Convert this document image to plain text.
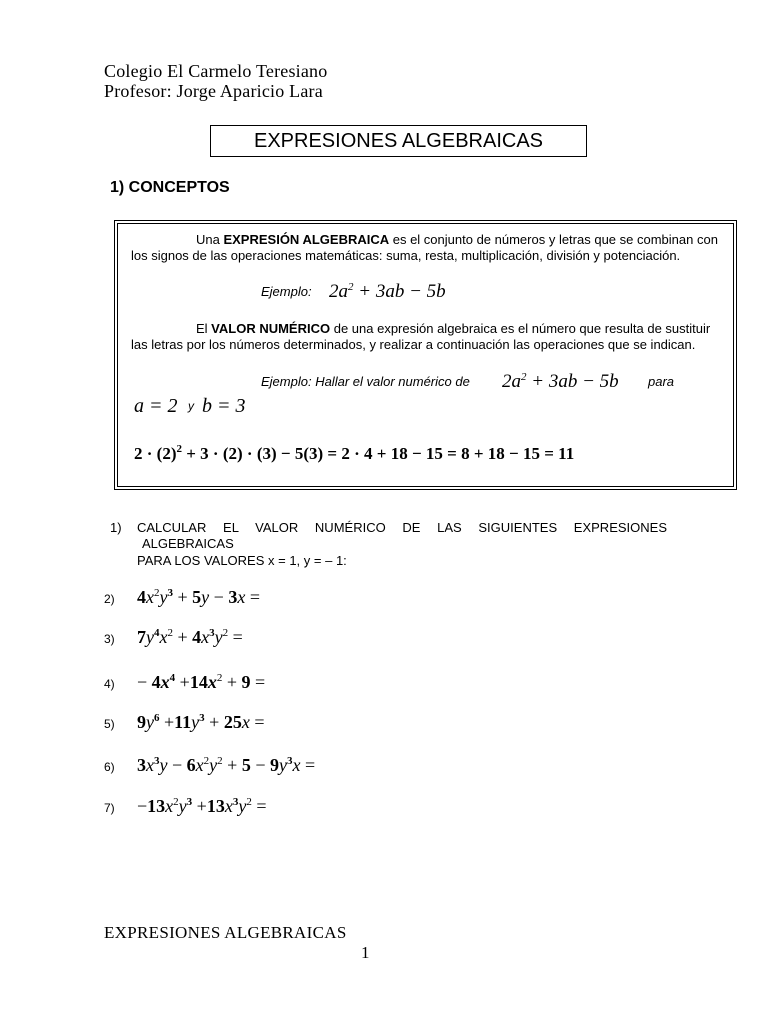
Colegio El Carmelo Teresiano
Profesor: Jorge Aparicio Lara
EXPRESIONES ALGEBRAICAS
1) CONCEPTOS
Una EXPRESIÓN ALGEBRAICA es el conjunto de números y letras que se combinan con los signos de las operaciones matemáticas: suma, resta, multiplicación, división y potenciación.
Ejemplo: $2a^2 + 3ab - 5b$
El VALOR NUMÉRICO de una expresión algebraica es el número que resulta de sustituir las letras por los números determinados, y realizar a continuación las operaciones que se indican.
Ejemplo: Hallar el valor numérico de $2a^2 + 3ab - 5b$ para
a = 2 y b = 3
$2 \cdot (2)^2 + 3 \cdot (2) \cdot (3) - 5(3) = 2 \cdot 4 + 18 - 15 = 8 + 18 - 15 = 11$
1) CALCULAR EL VALOR NUMÉRICO DE LAS SIGUIENTES EXPRESIONES
ALGEBRAICAS
PARA LOS VALORES x = 1, y = – 1:
2) $4x^2y^3 + 5y - 3x$ =
3) $7y^4x^2 + 4x^3y^2$ =
$4) - 4x^4 +14x^2 + 9$ =
5) $9y^6 +11y^3 + 25x$ =
6) $3x^3y - 6x^2y^2 + 5 - 9y^3x$ =
$7) -13x^2y^3 +13x^3y^2$ =
EXPRESIONES ALGEBRAICAS
1
